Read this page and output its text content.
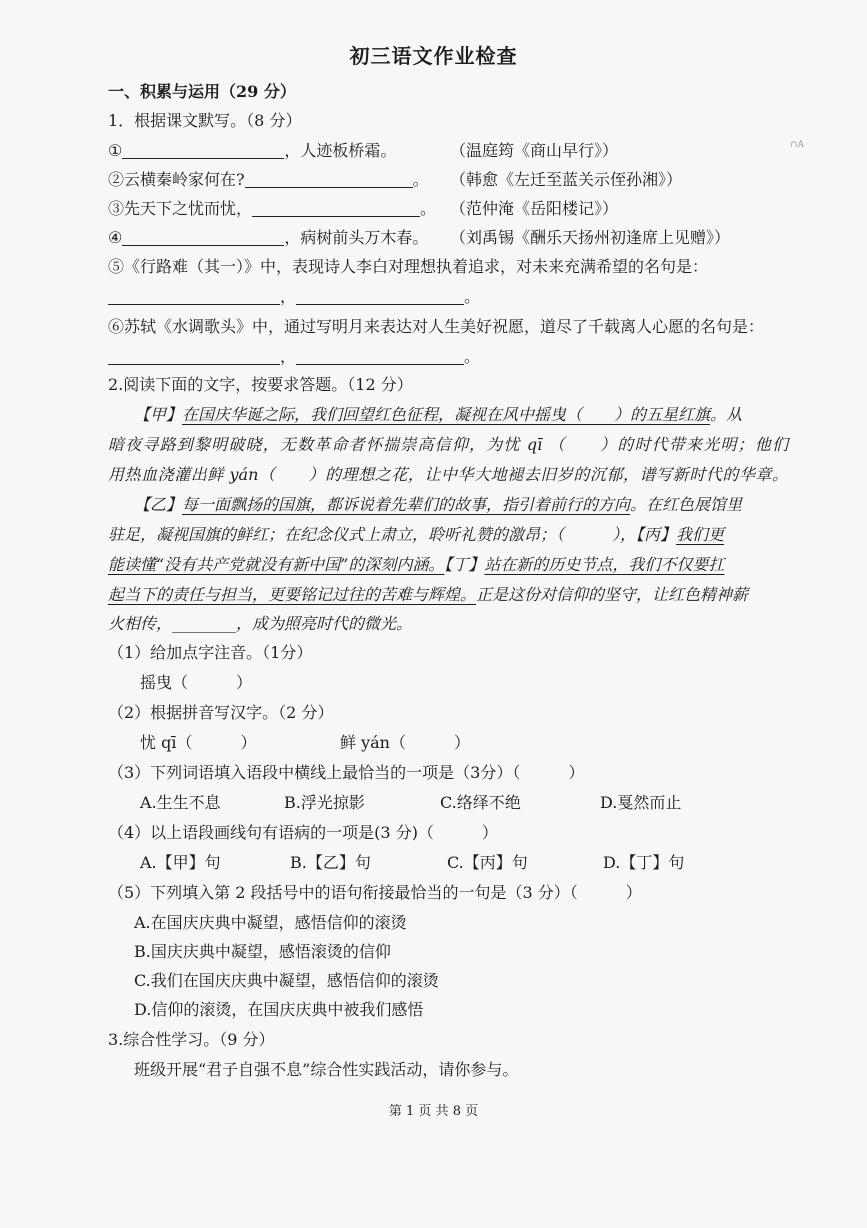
初三语文作业检查
∩A
一、积累与运用（29 分）
1．根据课文默写。（8 分）
①	，人迹板桥霜。	（温庭筠《商山早行》）
②云横秦岭家何在?	。 （韩愈《左迁至蓝关示侄孙湘》）
③先天下之忧而忧，	。 （范仲淹《岳阳楼记》）
④	，病树前头万木春。 （刘禹锡《酬乐天扬州初逢席上见赠》）
⑤《行路难（其一）》中，表现诗人李白对理想执着追求，对未来充满希望的名句是：
，	。
⑥苏轼《水调歌头》中，通过写明月来表达对人生美好祝愿，道尽了千载离人心愿的名句是：
，	。
2.阅读下面的文字，按要求答题。（12 分）
【甲】在国庆华诞之际，我们回望红色征程，凝视在风中摇曳（　　）的五星红旗。从
暗夜寻路到黎明破晓，无数革命者怀揣崇高信仰，为忧 qī （　　）的时代带来光明；他们
用热血浇灌出鲜 yán（　　）的理想之花，让中华大地褪去旧岁的沉郁，谱写新时代的华章。
【乙】每一面飘扬的国旗，都诉说着先辈们的故事，指引着前行的方向。在红色展馆里
驻足，凝视国旗的鲜红；在纪念仪式上肃立，聆听礼赞的激昂；（　　　），【丙】我们更
能读懂“没有共产党就没有新中国”的深刻内涵。【丁】站在新的历史节点，我们不仅要扛
起当下的责任与担当，更要铭记过往的苦难与辉煌。正是这份对信仰的坚守，让红色精神薪
火相传，________，成为照亮时代的微光。
（1）给加点字注音。（1分）
摇曳（　　　）
（2）根据拼音写汉字。（2 分）
忧 qī（　　　）	鲜 yán（　　　）
（3）下列词语填入语段中横线上最恰当的一项是（3分）（　　　）
A.生生不息	B.浮光掠影	C.络绎不绝	D.戛然而止
（4）以上语段画线句有语病的一项是(3 分)（　　　）
A.【甲】句	B.【乙】句	C.【丙】句	D.【丁】句
（5）下列填入第 2 段括号中的语句衔接最恰当的一句是（3 分）（　　　）
A.在国庆庆典中凝望，感悟信仰的滚烫
B.国庆庆典中凝望，感悟滚烫的信仰
C.我们在国庆庆典中凝望，感悟信仰的滚烫
D.信仰的滚烫，在国庆庆典中被我们感悟
3.综合性学习。（9 分）
班级开展“君子自强不息”综合性实践活动，请你参与。
第 1 页 共 8 页
